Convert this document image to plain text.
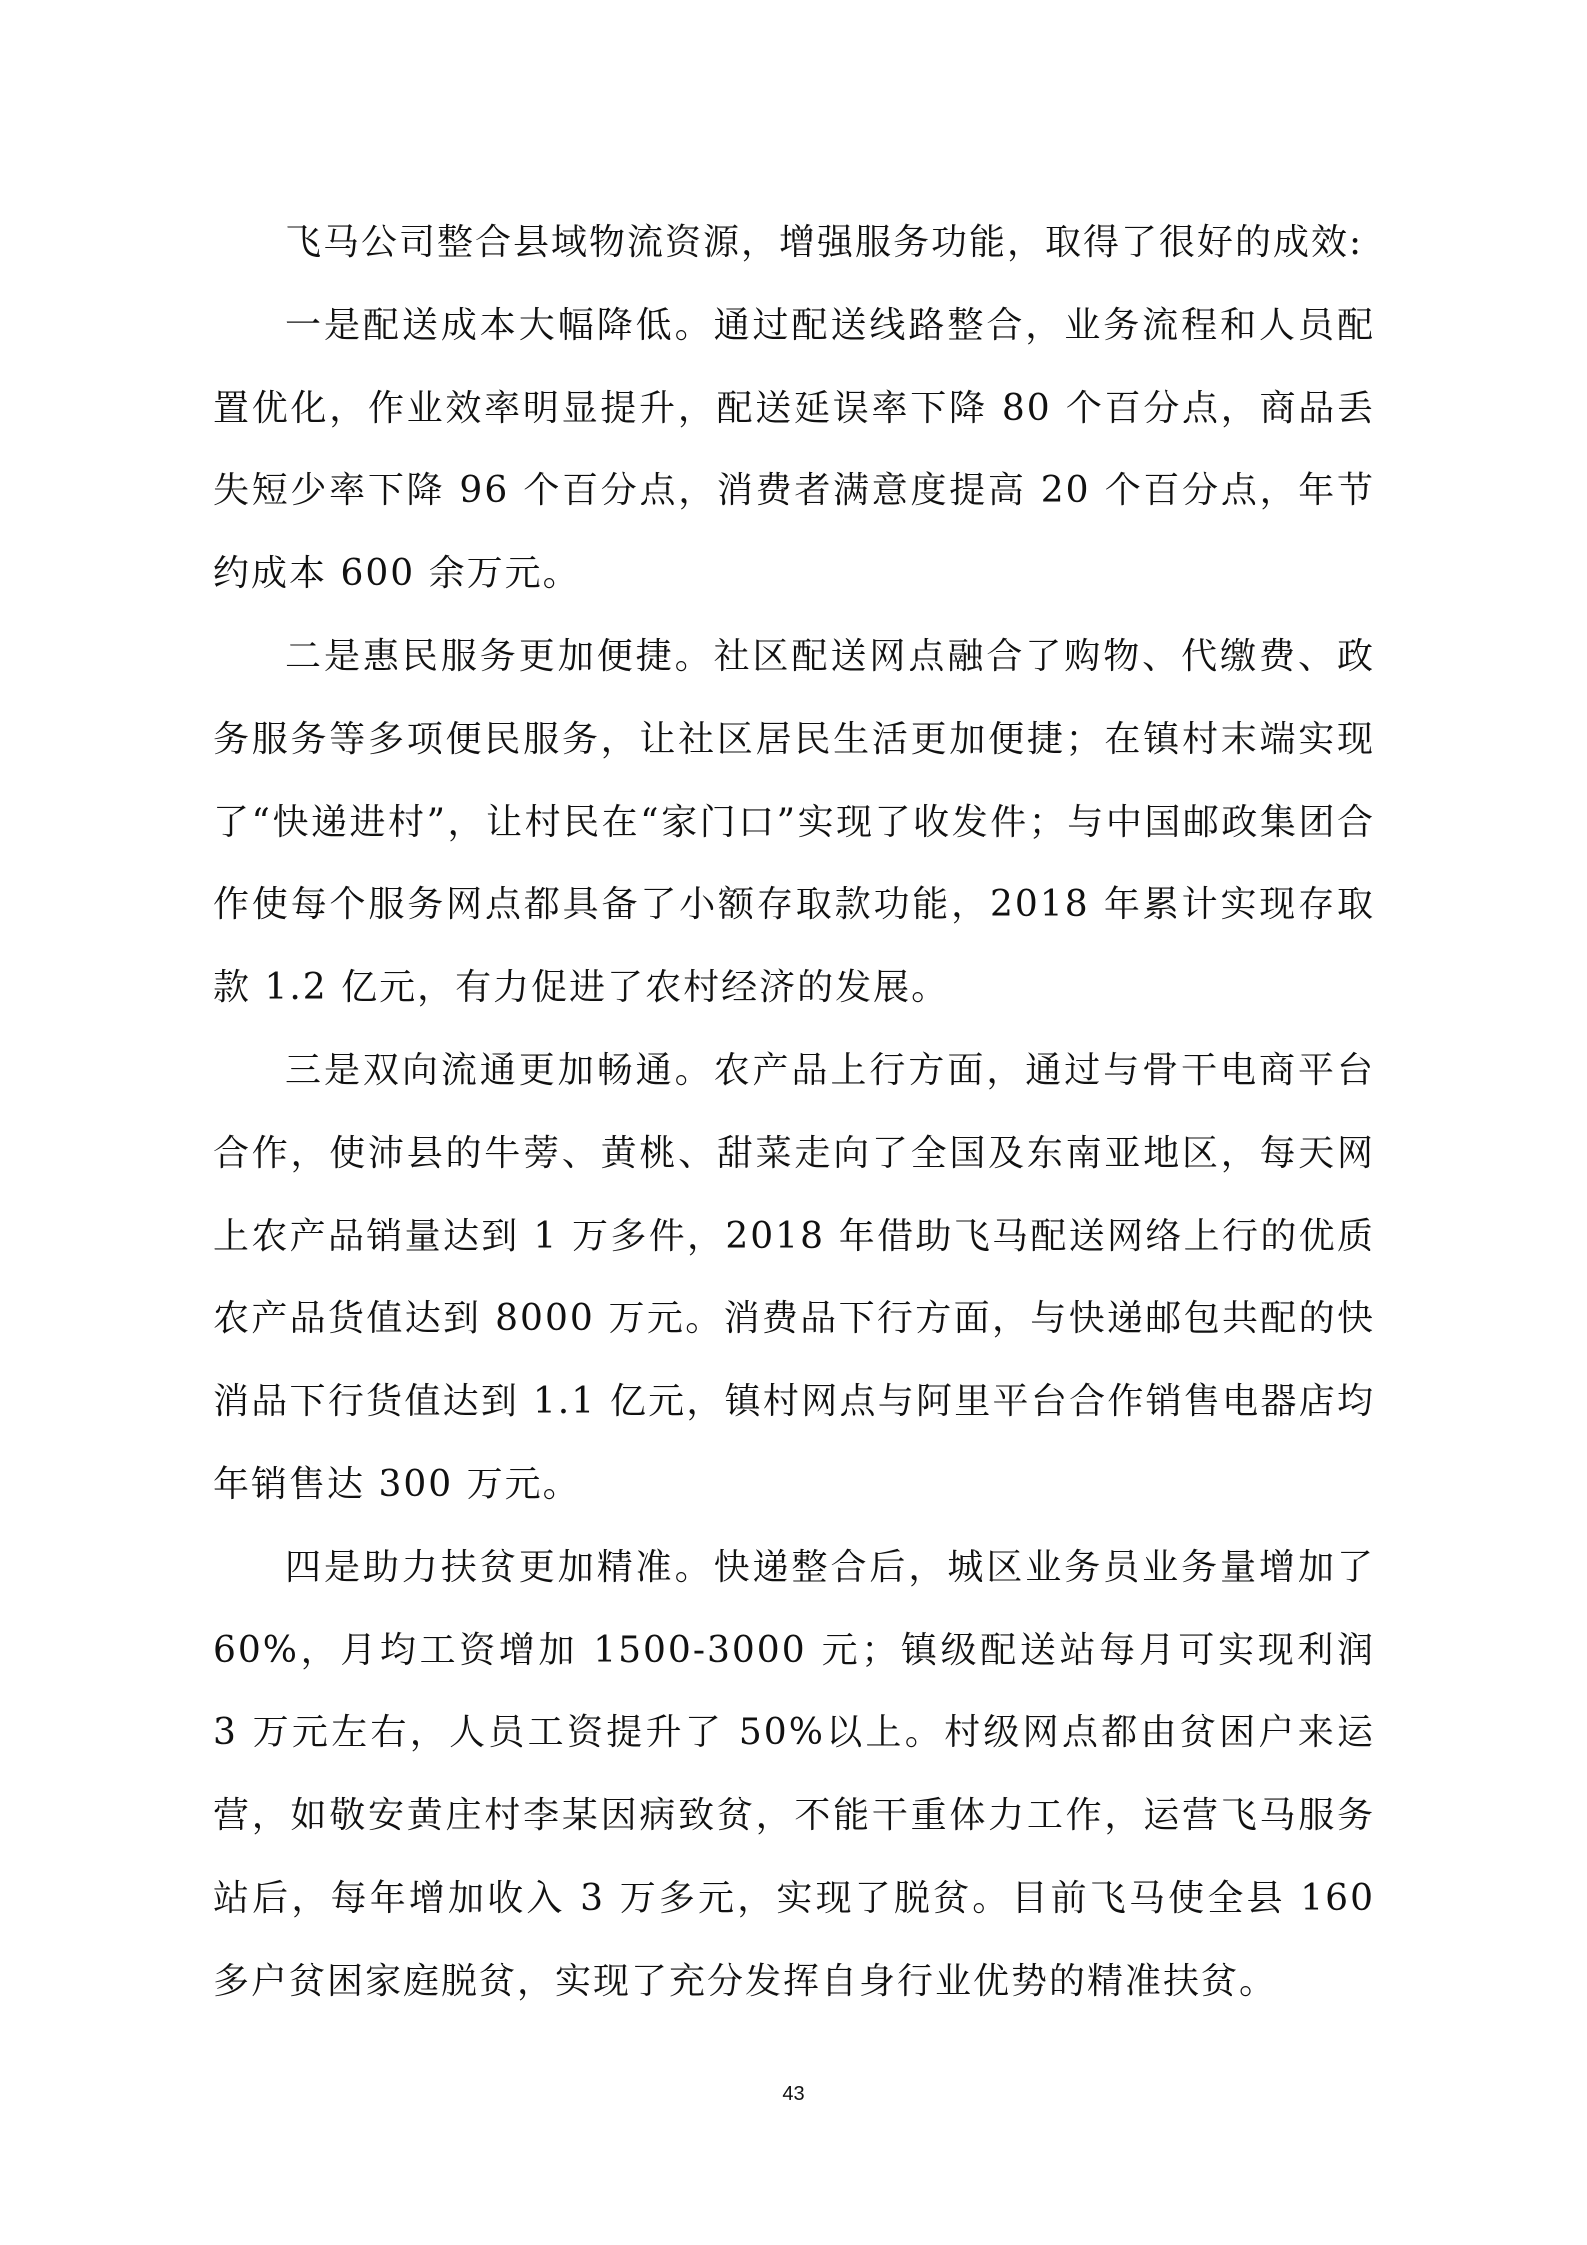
飞马公司整合县域物流资源，增强服务功能，取得了很好的成效:

一是配送成本大幅降低。通过配送线路整合，业务流程和人员配置优化，作业效率明显提升，配送延误率下降 80 个百分点，商品丢失短少率下降 96 个百分点，消费者满意度提高 20 个百分点，年节约成本 600 余万元。

二是惠民服务更加便捷。社区配送网点融合了购物、代缴费、政务服务等多项便民服务，让社区居民生活更加便捷；在镇村末端实现了“快递进村”，让村民在“家门口”实现了收发件；与中国邮政集团合作使每个服务网点都具备了小额存取款功能，2018 年累计实现存取款 1.2 亿元，有力促进了农村经济的发展。

三是双向流通更加畅通。农产品上行方面，通过与骨干电商平台合作，使沛县的牛蒡、黄桃、甜菜走向了全国及东南亚地区，每天网上农产品销量达到 1 万多件，2018 年借助飞马配送网络上行的优质农产品货值达到 8000 万元。消费品下行方面，与快递邮包共配的快消品下行货值达到 1.1 亿元，镇村网点与阿里平台合作销售电器店均年销售达 300 万元。

四是助力扶贫更加精准。快递整合后，城区业务员业务量增加了 60%，月均工资增加 1500-3000 元；镇级配送站每月可实现利润 3 万元左右，人员工资提升了 50%以上。村级网点都由贫困户来运营，如敬安黄庄村李某因病致贫，不能干重体力工作，运营飞马服务站后，每年增加收入 3 万多元，实现了脱贫。目前飞马使全县 160 多户贫困家庭脱贫，实现了充分发挥自身行业优势的精准扶贫。

43
